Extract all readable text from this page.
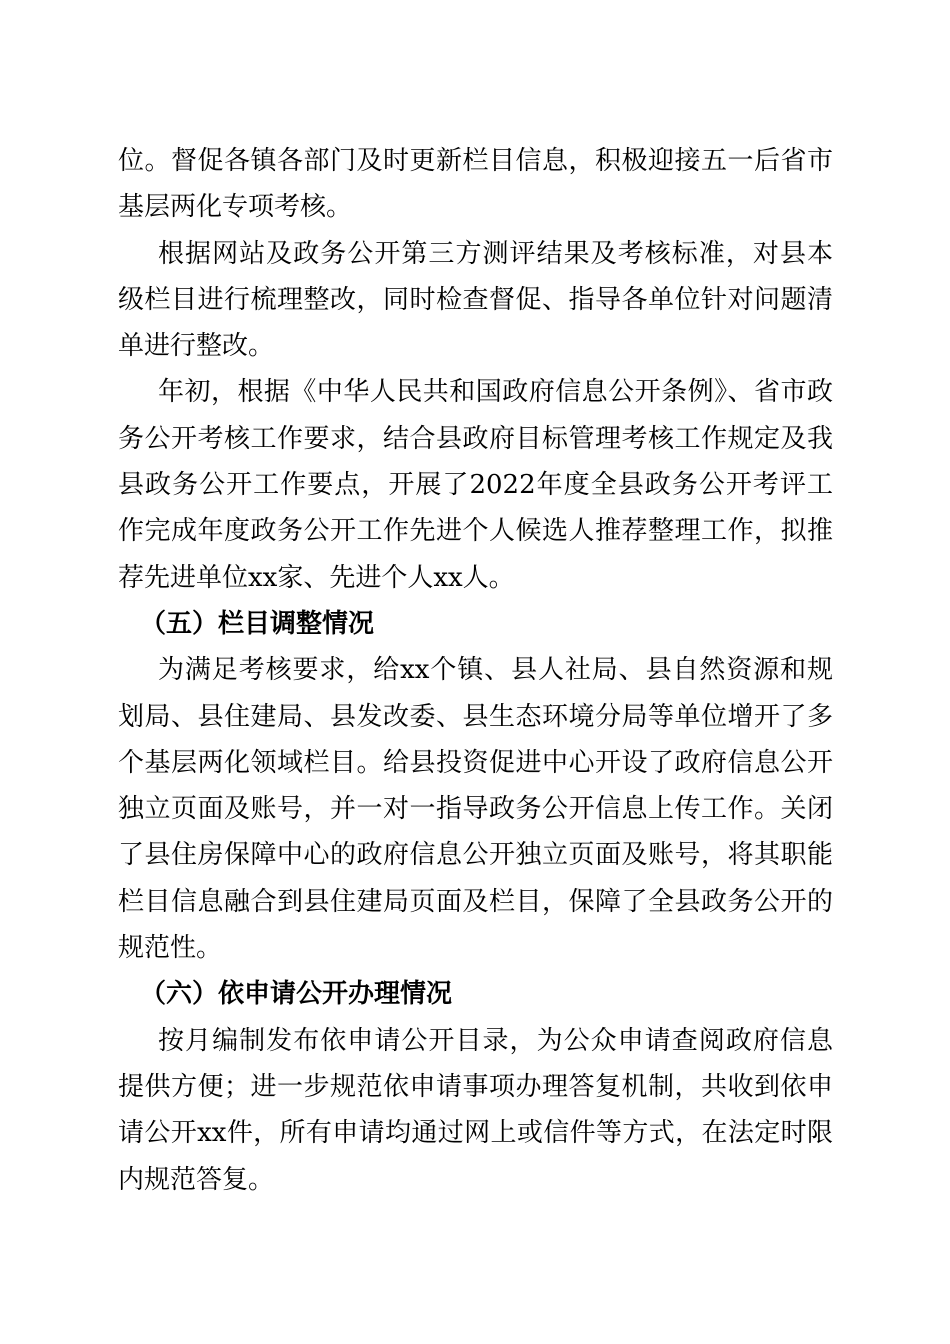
位。督促各镇各部门及时更新栏目信息，积极迎接五一后省市基层两化专项考核。

根据网站及政务公开第三方测评结果及考核标准，对县本级栏目进行梳理整改，同时检查督促、指导各单位针对问题清单进行整改。

年初，根据《中华人民共和国政府信息公开条例》、省市政务公开考核工作要求，结合县政府目标管理考核工作规定及我县政务公开工作要点，开展了2022年度全县政务公开考评工作完成年度政务公开工作先进个人候选人推荐整理工作，拟推荐先进单位xx家、先进个人xx人。

（五）栏目调整情况

为满足考核要求，给xx个镇、县人社局、县自然资源和规划局、县住建局、县发改委、县生态环境分局等单位增开了多个基层两化领域栏目。给县投资促进中心开设了政府信息公开独立页面及账号，并一对一指导政务公开信息上传工作。关闭了县住房保障中心的政府信息公开独立页面及账号，将其职能栏目信息融合到县住建局页面及栏目，保障了全县政务公开的规范性。

（六）依申请公开办理情况

按月编制发布依申请公开目录，为公众申请查阅政府信息提供方便；进一步规范依申请事项办理答复机制，共收到依申请公开xx件，所有申请均通过网上或信件等方式，在法定时限内规范答复。
